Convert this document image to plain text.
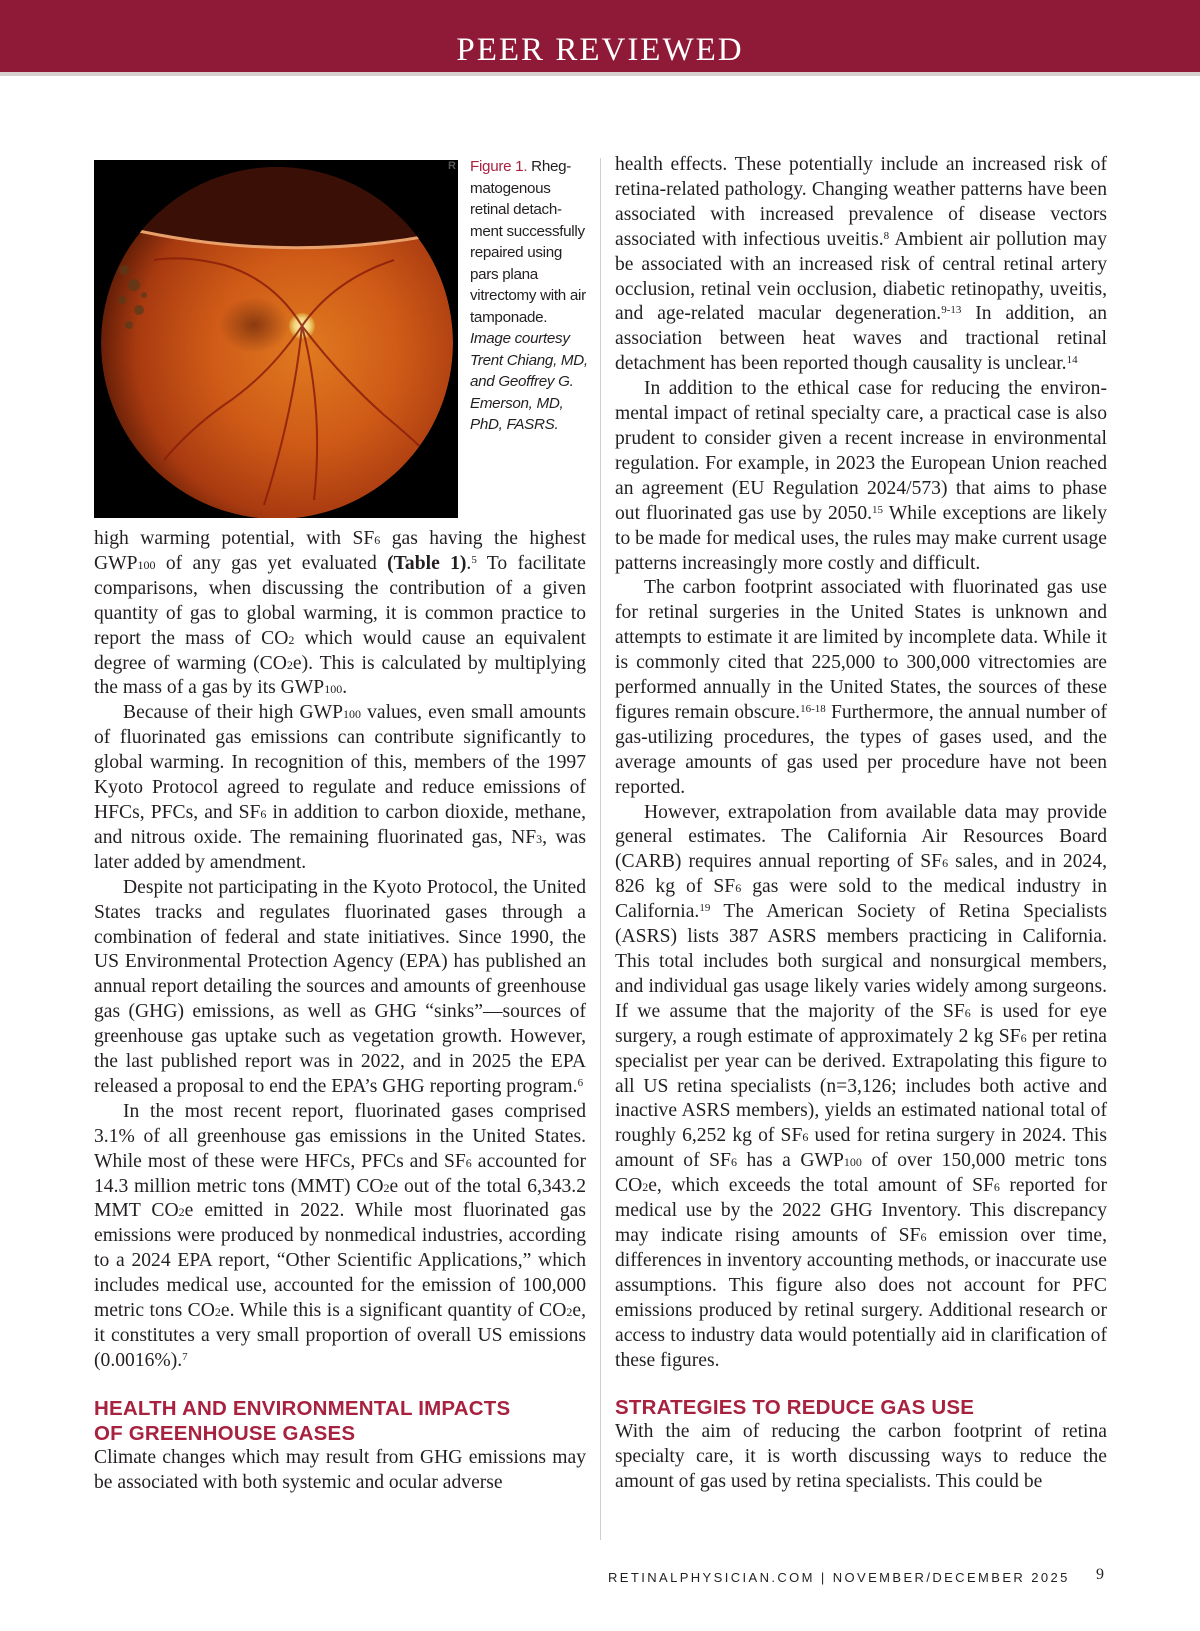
PEER REVIEWED
R Figure 1. Rhegmatogenous retinal detachment successfully repaired using pars plana vitrectomy with air tamponade.
Image courtesy Trent Chiang, MD, and Geoffrey G. Emerson, MD, PhD, FASRS.

high warming potential, with SF6 gas having the highest GWP100 of any gas yet evaluated (Table 1).$^5$ To facilitate comparisons, when discussing the contribution of a given quantity of gas to global warming, it is common practice to report the mass of CO2 which would cause an equivalent degree of warming (CO2e). This is calculated by multiplying the mass of a gas by its GWP100.

Because of their high GWP100 values, even small amounts of fluorinated gas emissions can contribute significantly to global warming. In recognition of this, members of the 1997 Kyoto Protocol agreed to regulate and reduce emissions of HFCs, PFCs, and SF6 in addition to carbon dioxide, methane, and nitrous oxide. The remaining fluorinated gas, NF3, was later added by amendment.

Despite not participating in the Kyoto Protocol, the United States tracks and regulates fluorinated gases through a combination of federal and state initiatives. Since 1990, the US Environmental Protection Agency (EPA) has published an annual report detailing the sources and amounts of greenhouse gas (GHG) emissions, as well as GHG “sinks”—sources of greenhouse gas uptake such as vegetation growth. However, the last published report was in 2022, and in 2025 the EPA released a proposal to end the EPA’s GHG reporting program.$^6$

In the most recent report, fluorinated gases comprised 3.1% of all greenhouse gas emissions in the United States. While most of these were HFCs, PFCs and SF6 accounted for 14.3 million metric tons (MMT) CO2e out of the total 6,343.2 MMT CO2e emitted in 2022. While most fluorinated gas emissions were produced by nonmedical industries, according to a 2024 EPA report, “Other Scientific Applications,” which includes medical use, accounted for the emission of 100,000 metric tons CO2e. While this is a significant quantity of CO2e, it constitutes a very small proportion of overall US emissions (0.0016%).$^7$

HEALTH AND ENVIRONMENTAL IMPACTS
OF GREENHOUSE GASES

Climate changes which may result from GHG emissions may be associated with both systemic and ocular adverse

health effects. These potentially include an increased risk of retina-related pathology. Changing weather patterns have been associated with increased prevalence of disease vectors associated with infectious uveitis.$^8$ Ambient air pollution may be associated with an increased risk of central retinal artery occlusion, retinal vein occlusion, diabetic retinopathy, uveitis, and age-related macular degeneration.$^{9-13}$ In addition, an association between heat waves and tractional retinal detachment has been reported though causality is unclear.$^{14}$

In addition to the ethical case for reducing the environmental impact of retinal specialty care, a practical case is also prudent to consider given a recent increase in environmental regulation. For example, in 2023 the European Union reached an agreement (EU Regulation 2024/573) that aims to phase out fluorinated gas use by 2050.15 While exceptions are likely to be made for medical uses, the rules may make current usage patterns increasingly more costly and difficult.

The carbon footprint associated with fluorinated gas use for retinal surgeries in the United States is unknown and attempts to estimate it are limited by incomplete data. While it is commonly cited that 225,000 to 300,000 vitrectomies are performed annually in the United States, the sources of these figures remain obscure.$^{16-18}$ Furthermore, the annual number of gas-utilizing procedures, the types of gases used, and the average amounts of gas used per procedure have not been reported.

However, extrapolation from available data may provide general estimates. The California Air Resources Board (CARB) requires annual reporting of SF6 sales, and in 2024, 826 kg of SF6 gas were sold to the medical industry in California.$^{19}$ The American Society of Retina Specialists (ASRS) lists 387 ASRS members practicing in California. This total includes both surgical and nonsurgical members, and individual gas usage likely varies widely among surgeons. If we assume that the majority of the SF6 is used for eye surgery, a rough estimate of approximately 2 kg SF6 per retina specialist per year can be derived. Extrapolating this figure to all US retina specialists (n=3,126; includes both active and inactive ASRS members), yields an estimated national total of roughly 6,252 kg of SF6 used for retina surgery in 2024. This amount of SF6 has a GWP100 of over 150,000 metric tons CO2e, which exceeds the total amount of SF6 reported for medical use by the 2022 GHG Inventory. This discrepancy may indicate rising amounts of SF6 emission over time, differences in inventory accounting methods, or inaccurate use assumptions. This figure also does not account for PFC emissions produced by retinal surgery. Additional research or access to industry data would potentially aid in clarification of these figures.

STRATEGIES TO REDUCE GAS USE

With the aim of reducing the carbon footprint of retina specialty care, it is worth discussing ways to reduce the amount of gas used by retina specialists. This could be

RETINALPHYSICIAN.COM | NOVEMBER/DECEMBER 2025	9
